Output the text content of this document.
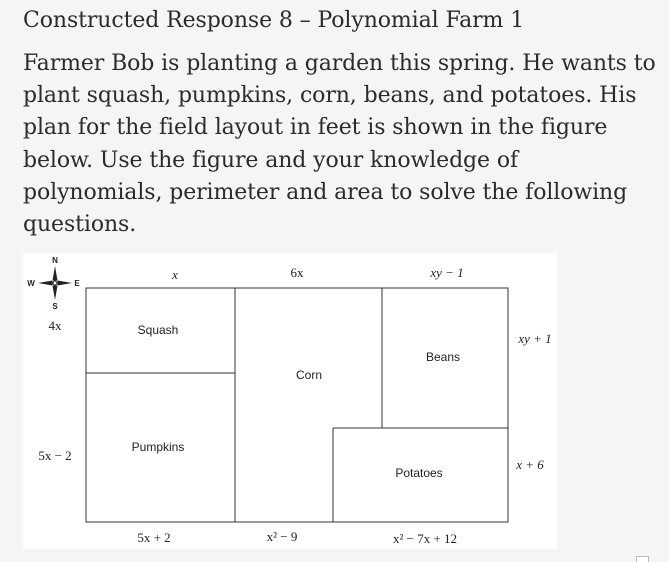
Constructed Response 8 – Polynomial Farm 1
Farmer Bob is planting a garden this spring. He wants to
plant squash, pumpkins, corn, beans, and potatoes. His
plan for the field layout in feet is shown in the figure
below. Use the figure and your knowledge of
polynomials, perimeter and area to solve the following
questions.
N
S
W	E
Squash
Pumpkins
Corn
Beans
Potatoes
x	6x	xy − 1
4x
5x − 2
xy + 1
x + 6
5x + 2	x² − 9	x² − 7x + 12
